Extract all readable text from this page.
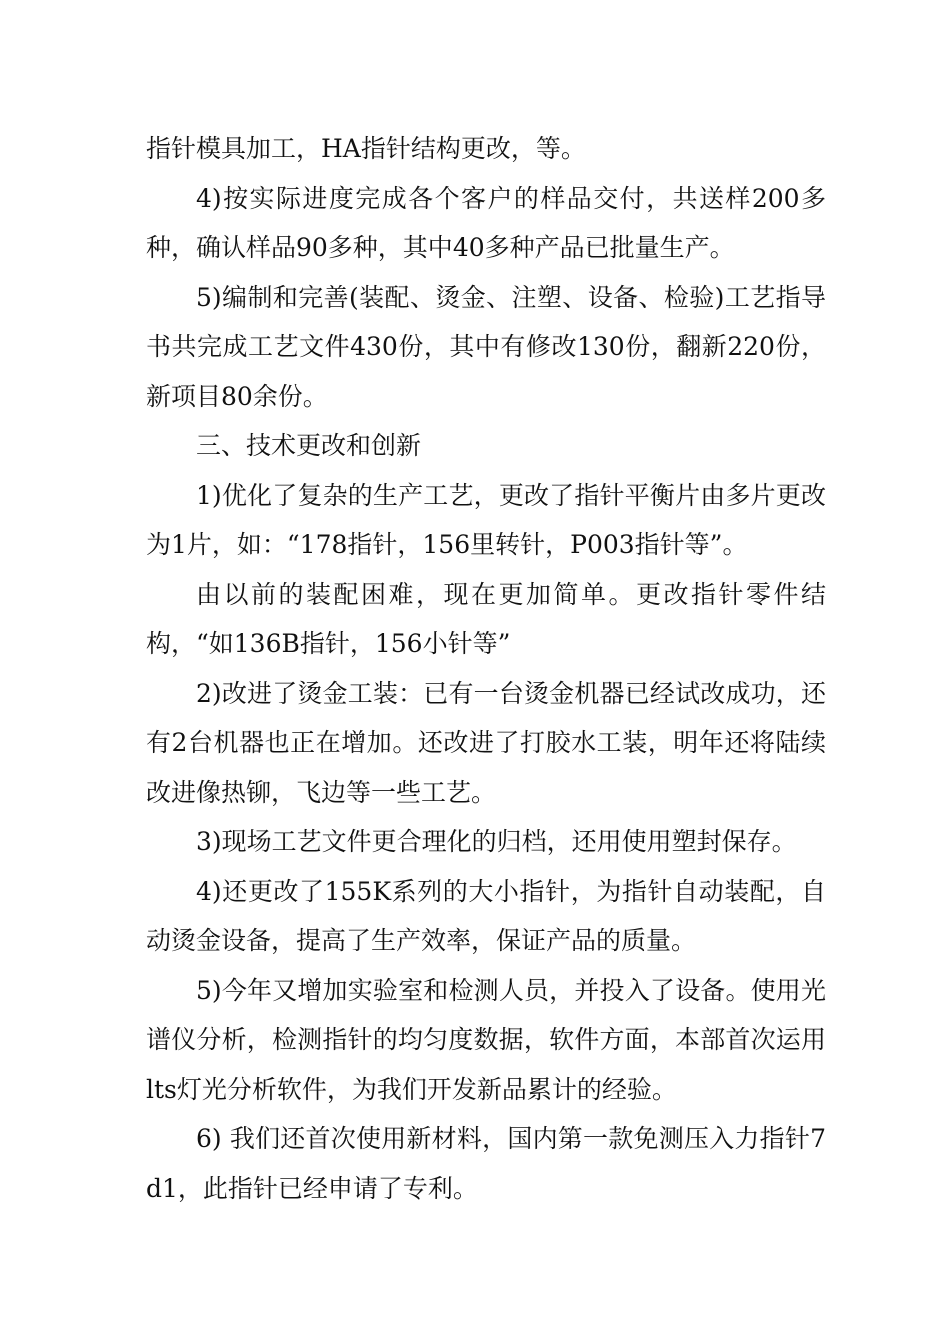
指针模具加工，HA指针结构更改，等。

4)按实际进度完成各个客户的样品交付，共送样200多种，确认样品90多种，其中40多种产品已批量生产。

5)编制和完善(装配、烫金、注塑、设备、检验)工艺指导书共完成工艺文件430份，其中有修改130份，翻新220份，新项目80余份。

三、技术更改和创新

1)优化了复杂的生产工艺，更改了指针平衡片由多片更改为1片，如：“178指针，156里转针，P003指针等”。

由以前的装配困难，现在更加简单。更改指针零件结构，“如136B指针，156小针等”

2)改进了烫金工装：已有一台烫金机器已经试改成功，还有2台机器也正在增加。还改进了打胶水工装，明年还将陆续改进像热铆，飞边等一些工艺。

3)现场工艺文件更合理化的归档，还用使用塑封保存。

4)还更改了155K系列的大小指针，为指针自动装配，自动烫金设备，提高了生产效率，保证产品的质量。

5)今年又增加实验室和检测人员，并投入了设备。使用光谱仪分析，检测指针的均匀度数据，软件方面，本部首次运用lts灯光分析软件，为我们开发新品累计的经验。

6) 我们还首次使用新材料，国内第一款免测压入力指针7d1，此指针已经申请了专利。
